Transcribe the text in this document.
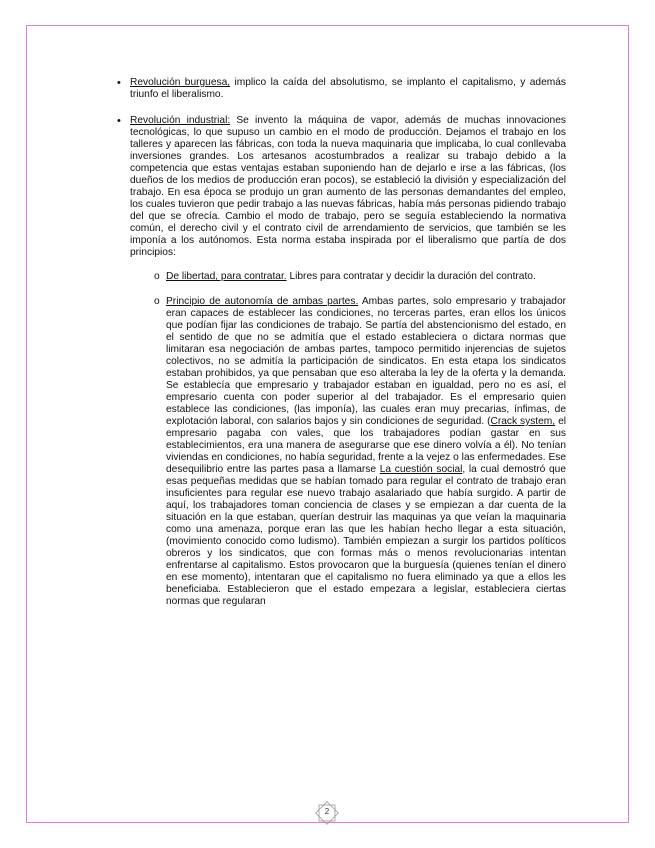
• Revolución burguesa, implico la caída del absolutismo, se implanto el capitalismo, y además triunfo el liberalismo.
• Revolución industrial: Se invento la máquina de vapor, además de muchas innovaciones tecnológicas, lo que supuso un cambio en el modo de producción. Dejamos el trabajo en los talleres y aparecen las fábricas, con toda la nueva maquinaria que implicaba, lo cual conllevaba inversiones grandes. Los artesanos acostumbrados a realizar su trabajo debido a la competencia que estas ventajas estaban suponiendo han de dejarlo e irse a las fábricas, (los dueños de los medios de producción eran pocos), se estableció la división y especialización del trabajo. En esa época se produjo un gran aumento de las personas demandantes del empleo, los cuales tuvieron que pedir trabajo a las nuevas fábricas, había más personas pidiendo trabajo del que se ofrecía. Cambio el modo de trabajo, pero se seguía estableciendo la normativa común, el derecho civil y el contrato civil de arrendamiento de servicios, que también se les imponía a los autónomos. Esta norma estaba inspirada por el liberalismo que partía de dos principios:
o De libertad, para contratar. Libres para contratar y decidir la duración del contrato.
o Principio de autonomía de ambas partes. Ambas partes, solo empresario y trabajador eran capaces de establecer las condiciones, no terceras partes, eran ellos los únicos que podían fijar las condiciones de trabajo. Se partía del abstencionismo del estado, en el sentido de que no se admitía que el estado estableciera o dictara normas que limitaran esa negociación de ambas partes, tampoco permitido injerencias de sujetos colectivos, no se admitía la participación de sindicatos. En esta etapa los sindicatos estaban prohibidos, ya que pensaban que eso alteraba la ley de la oferta y la demanda. Se establecía que empresario y trabajador estaban en igualdad, pero no es así, el empresario cuenta con poder superior al del trabajador. Es el empresario quien establece las condiciones, (las imponía), las cuales eran muy precarias, ínfimas, de explotación laboral, con salarios bajos y sin condiciones de seguridad. (Crack system, el empresario pagaba con vales, que los trabajadores podían gastar en sus establecimientos, era una manera de asegurarse que ese dinero volvía a él). No tenían viviendas en condiciones, no había seguridad, frente a la vejez o las enfermedades. Ese desequilibrio entre las partes pasa a llamarse La cuestión social, la cual demostró que esas pequeñas medidas que se habían tomado para regular el contrato de trabajo eran insuficientes para regular ese nuevo trabajo asalariado que había surgido. A partir de aquí, los trabajadores toman conciencia de clases y se empiezan a dar cuenta de la situación en la que estaban, querían destruir las maquinas ya que veían la maquinaria como una amenaza, porque eran las que les habían hecho llegar a esta situación, (movimiento conocido como ludismo). También empiezan a surgir los partidos políticos obreros y los sindicatos, que con formas más o menos revolucionarias intentan enfrentarse al capitalismo. Estos provocaron que la burguesía (quienes tenían el dinero en ese momento), intentaran que el capitalismo no fuera eliminado ya que a ellos les beneficiaba. Establecieron que el estado empezara a legislar, estableciera ciertas normas que regularan
2
